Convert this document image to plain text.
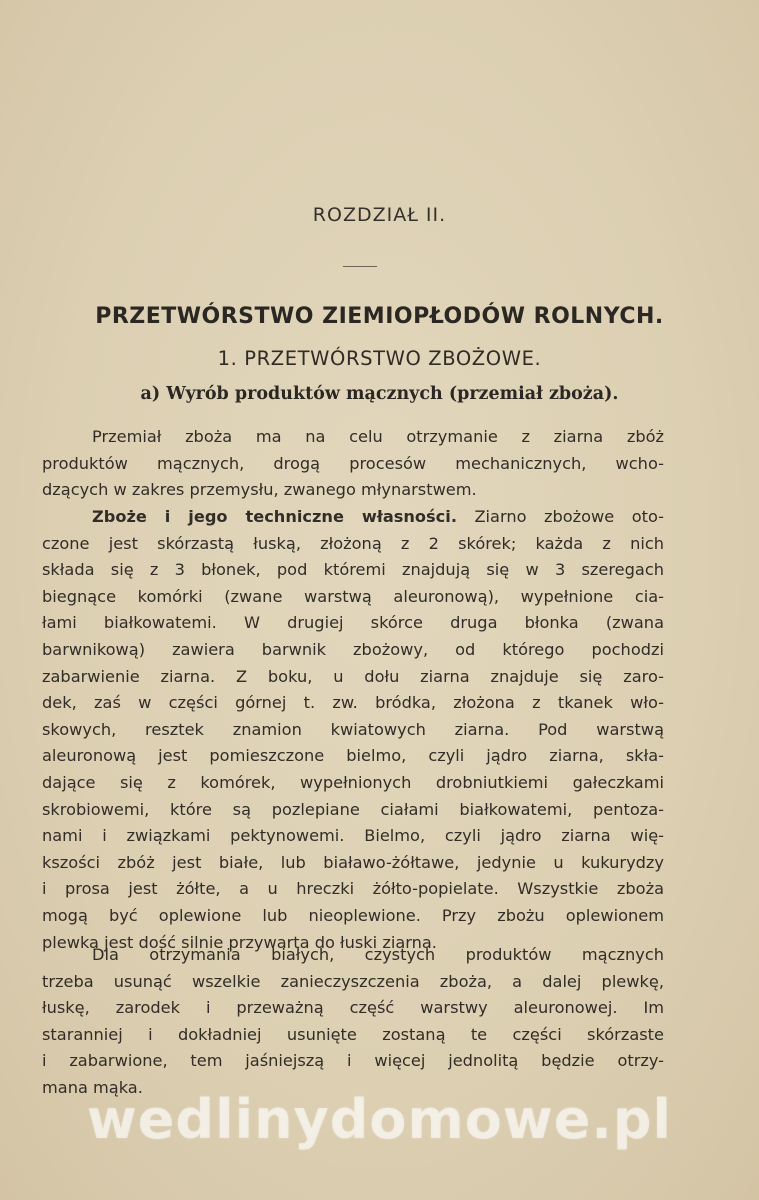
ROZDZIAŁ II.
PRZETWÓRSTWO ZIEMIOPŁODÓW ROLNYCH.
1. PRZETWÓRSTWO ZBOŻOWE.
a) Wyrób produktów mącznych (przemiał zboża).
Przemiał zboża ma na celu otrzymanie z ziarna zbóż
produktów mącznych, drogą procesów mechanicznych, wcho-
dzących w zakres przemysłu, zwanego młynarstwem.
Zboże i jego techniczne własności. Ziarno zbożowe oto-
czone jest skórzastą łuską, złożoną z 2 skórek; każda z nich
składa się z 3 błonek, pod któremi znajdują się w 3 szeregach
biegnące komórki (zwane warstwą aleuronową), wypełnione cia-
łami białkowatemi. W drugiej skórce druga błonka (zwana
barwnikową) zawiera barwnik zbożowy, od którego pochodzi
zabarwienie ziarna. Z boku, u dołu ziarna znajduje się zaro-
dek, zaś w części górnej t. zw. bródka, złożona z tkanek wło-
skowych, resztek znamion kwiatowych ziarna. Pod warstwą
aleuronową jest pomieszczone bielmo, czyli jądro ziarna, skła-
dające się z komórek, wypełnionych drobniutkiemi gałeczkami
skrobiowemi, które są pozlepiane ciałami białkowatemi, pentoza-
nami i związkami pektynowemi. Bielmo, czyli jądro ziarna wię-
kszości zbóż jest białe, lub białawo-żółtawe, jedynie u kukurydzy
i prosa jest żółte, a u hreczki żółto-popielate. Wszystkie zboża
mogą być oplewione lub nieoplewione. Przy zbożu oplewionem
plewka jest dość silnie przywarta do łuski ziarna.
Dla otrzymania białych, czystych produktów mącznych
trzeba usunąć wszelkie zanieczyszczenia zboża, a dalej plewkę,
łuskę, zarodek i przeważną część warstwy aleuronowej. Im
staranniej i dokładniej usunięte zostaną te części skórzaste
i zabarwione, tem jaśniejszą i więcej jednolitą będzie otrzy-
mana mąka.
wedlinydomowe.pl
